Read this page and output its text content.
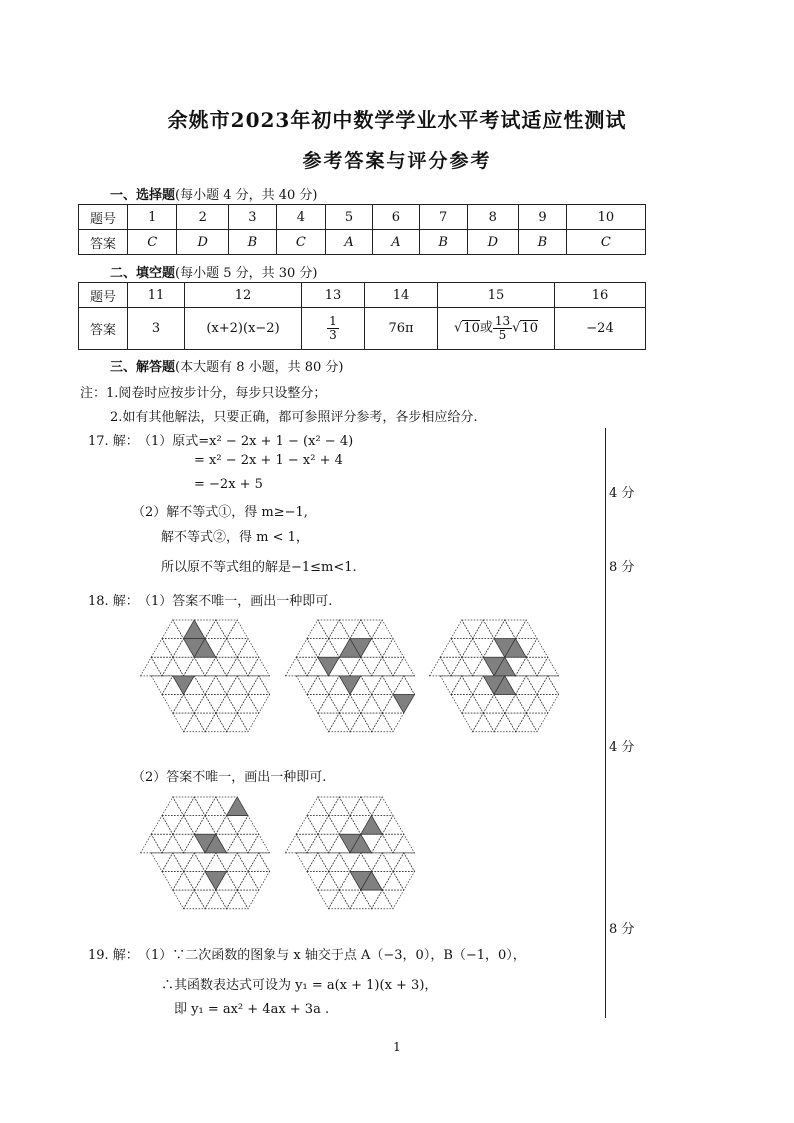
余姚市2023年初中数学学业水平考试适应性测试
参考答案与评分参考
一、选择题(每小题 4 分，共 40 分)
题号	1	2	3	4	5	6	7	8	9	10
答案	C	D	B	C	A	A	B	D	B	C
二、填空题(每小题 5 分，共 30 分)
题号	11	12	13	14	15	16
答案	3	(x+2)(x−2)	$\frac{1}{3}$	76π	√10或 $\frac{13}{5} √10$	−24
三、解答题(本大题有 8 小题，共 80 分)
注：1.阅卷时应按步计分，每步只设整分；
2.如有其他解法，只要正确，都可参照评分参考，各步相应给分.
17. 解： （1）原式=x² − 2x + 1 − (x² − 4)
= x² − 2x + 1 − x² + 4
= −2x + 5
4 分
（2）解不等式①，得 m≥−1,
解不等式②，得 m < 1，
所以原不等式组的解是−1≤m<1.	8 分
18. 解： （1）答案不唯一，画出一种即可.
4 分
（2）答案不唯一，画出一种即可.
8 分
19. 解： （1）∵二次函数的图象与 x 轴交于点 A（−3，0），B（−1，0），
∴其函数表达式可设为 y₁ = a(x + 1)(x + 3)，
即 y₁ = ax² + 4ax + 3a .
1
